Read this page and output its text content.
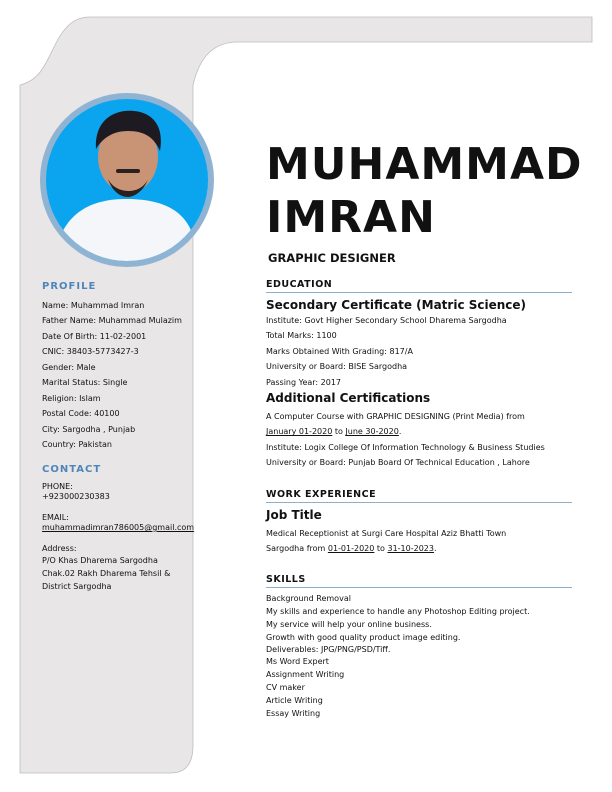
MUHAMMAD
IMRAN
GRAPHIC DESIGNER
PROFILE
Name: Muhammad Imran
Father Name: Muhammad Mulazim
Date Of Birth: 11-02-2001
CNIC: 38403-5773427-3
Gender: Male
Marital Status: Single
Religion: Islam
Postal Code: 40100
City: Sargodha , Punjab
Country: Pakistan
CONTACT
PHONE:
+923000230383
EMAIL:
muhammadimran786005@gmail.com
Address:
P/O Khas Dharema Sargodha
Chak.02 Rakh Dharema Tehsil &
District Sargodha
EDUCATION
Secondary Certificate (Matric Science)
Institute: Govt Higher Secondary School Dharema Sargodha
Total Marks: 1100
Marks Obtained With Grading: 817/A
University or Board: BISE Sargodha
Passing Year: 2017
Additional Certifications
A Computer Course with GRAPHIC DESIGNING (Print Media) from
January 01-2020 to June 30-2020.
Institute: Logix College Of Information Technology & Business Studies
University or Board: Punjab Board Of Technical Education , Lahore
WORK EXPERIENCE
Job Title
Medical Receptionist at Surgi Care Hospital Aziz Bhatti Town
Sargodha from 01-01-2020 to 31-10-2023.
SKILLS
Background Removal
My skills and experience to handle any Photoshop Editing project.
My service will help your online business.
Growth with good quality product image editing.
Deliverables: JPG/PNG/PSD/Tiff.
Ms Word Expert
Assignment Writing
CV maker
Article Writing
Essay Writing
